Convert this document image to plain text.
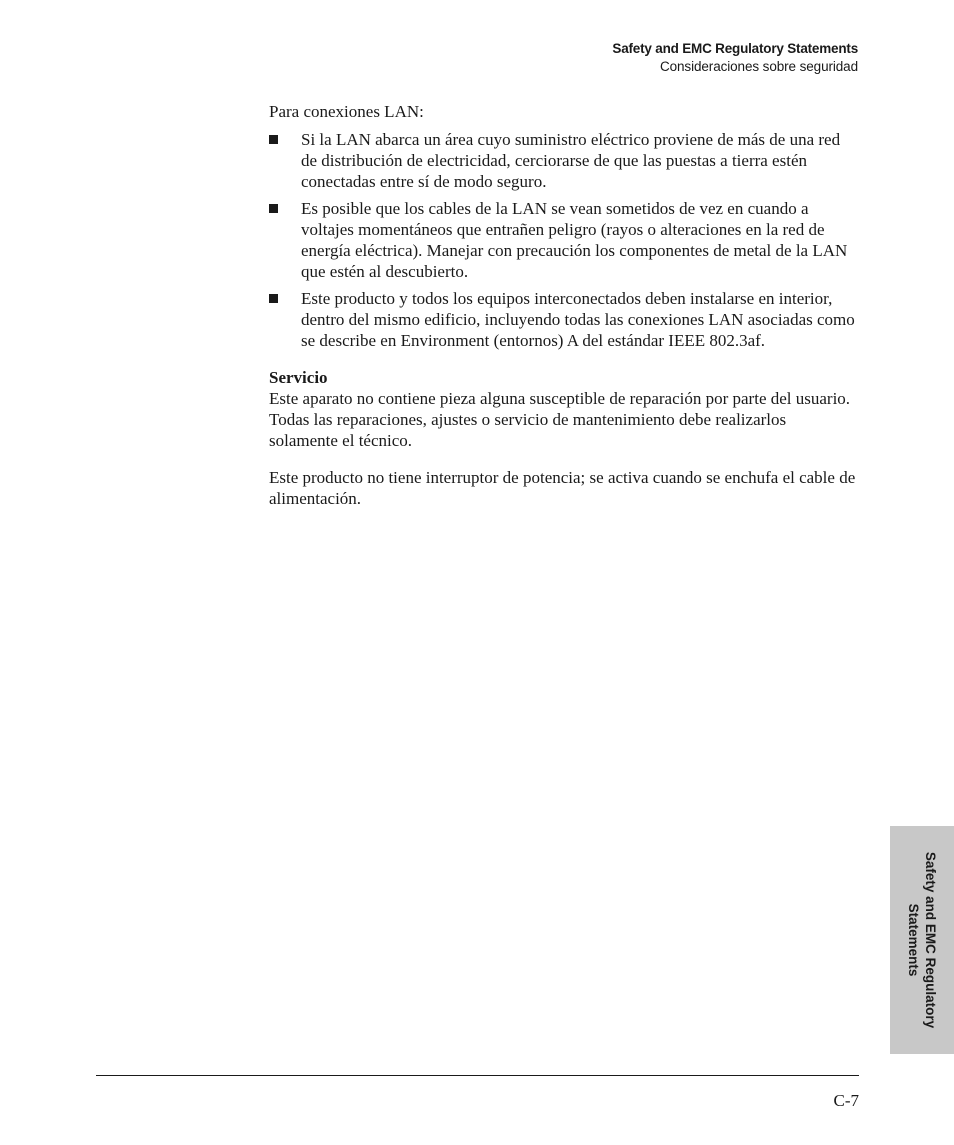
Safety and EMC Regulatory Statements
Consideraciones sobre seguridad

Para conexiones LAN:

Si la LAN abarca un área cuyo suministro eléctrico proviene de más de una red de distribución de electricidad, cerciorarse de que las puestas a tierra estén conectadas entre sí de modo seguro.
Es posible que los cables de la LAN se vean sometidos de vez en cuando a voltajes momentáneos que entrañen peligro (rayos o alteraciones en la red de energía eléctrica). Manejar con precaución los componentes de metal de la LAN que estén al descubierto.
Este producto y todos los equipos interconectados deben instalarse en interior, dentro del mismo edificio, incluyendo todas las conexiones LAN asociadas como se describe en Environment (entornos) A del estándar IEEE 802.3af.

Servicio

Este aparato no contiene pieza alguna susceptible de reparación por parte del usuario. Todas las reparaciones, ajustes o servicio de mantenimiento debe realizarlos solamente el técnico.

Este producto no tiene interruptor de potencia; se activa cuando se enchufa el cable de alimentación.

Safety and EMC Regulatory
Statements
C-7
